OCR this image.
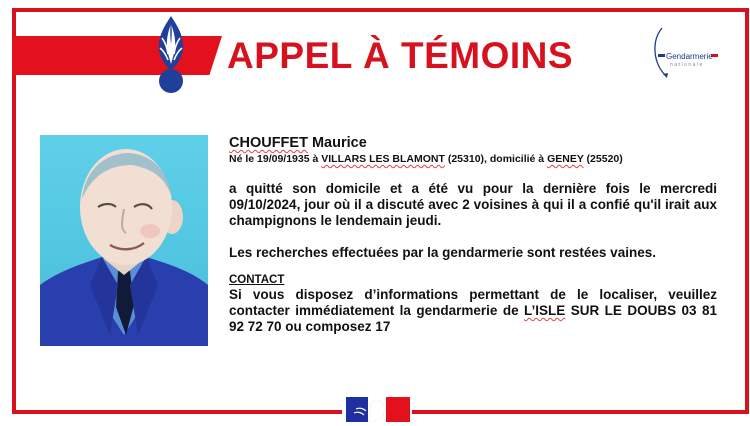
APPEL À TÉMOINS	Gendarmerie
nationale
CHOUFFET Maurice
Né le 19/09/1935 à VILLARS LES BLAMONT (25310), domicilié à GENEY (25520)
a quitté son domicile et a été vu pour la dernière fois le mercredi 09/10/2024, jour où il a discuté avec 2 voisines à qui il a confié qu'il irait aux champignons le lendemain jeudi.
Les recherches effectuées par la gendarmerie sont restées vaines.
CONTACT
Si vous disposez d’informations permettant de le localiser, veuillez contacter immédiatement la gendarmerie de L’ISLE SUR LE DOUBS 03 81 92 72 70 ou composez 17
